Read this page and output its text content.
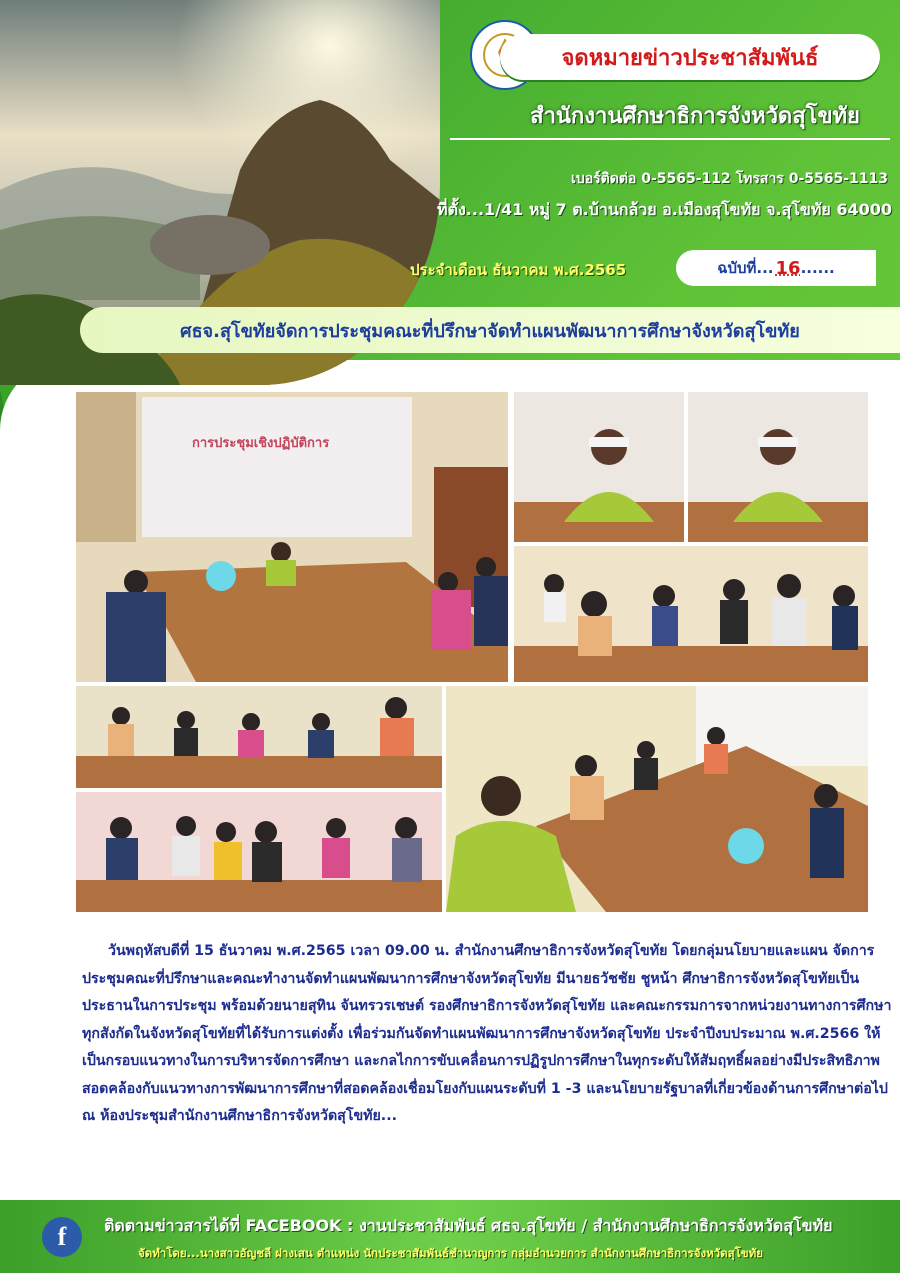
จดหมายข่าวประชาสัมพันธ์
สำนักงานศึกษาธิการจังหวัดสุโขทัย
เบอร์ติดต่อ 0-5565-112 โทรสาร 0-5565-1113
ที่ตั้ง...1/41 หมู่ 7 ต.บ้านกล้วย อ.เมืองสุโขทัย จ.สุโขทัย 64000
ประจำเดือน ธันวาคม พ.ศ.2565	ฉบับที่ ... 16 ......
ศธจ.สุโขทัยจัดการประชุมคณะที่ปรึกษาจัดทำแผนพัฒนาการศึกษาจังหวัดสุโขทัย
การประชุมเชิงปฏิบัติการ

วันพฤหัสบดีที่ 15 ธันวาคม พ.ศ.2565 เวลา 09.00 น. สำนักงานศึกษาธิการจังหวัดสุโขทัย โดยกลุ่มนโยบายและแผน จัดการประชุมคณะที่ปรึกษาและคณะทำงานจัดทำแผนพัฒนาการศึกษาจังหวัดสุโขทัย มีนายธวัชชัย ชูหน้า ศึกษาธิการจังหวัดสุโขทัยเป็นประธานในการประชุม พร้อมด้วยนายสุทิน จันทรวรเชษต์ รองศึกษาธิการจังหวัดสุโขทัย และคณะกรรมการจากหน่วยงานทางการศึกษาทุกสังกัดในจังหวัดสุโขทัยที่ได้รับการแต่งตั้ง เพื่อร่วมกันจัดทำแผนพัฒนาการศึกษาจังหวัดสุโขทัย ประจำปีงบประมาณ พ.ศ.2566 ให้เป็นกรอบแนวทางในการบริหารจัดการศึกษา และกลไกการขับเคลื่อนการปฏิรูปการศึกษาในทุกระดับให้สัมฤทธิ์ผลอย่างมีประสิทธิภาพ สอดคล้องกับแนวทางการพัฒนาการศึกษาที่สอดคล้องเชื่อมโยงกับแผนระดับที่ 1 -3 และนโยบายรัฐบาลที่เกี่ยวข้องด้านการศึกษาต่อไป ณ ห้องประชุมสำนักงานศึกษาธิการจังหวัดสุโขทัย...

f ติดตามข่าวสารได้ที่ FACEBOOK : งานประชาสัมพันธ์ ศธจ.สุโขทัย / สำนักงานศึกษาธิการจังหวัดสุโขทัย
จัดทำโดย...นางสาวอัญชลี ฝางเสน ตำแหน่ง นักประชาสัมพันธ์ชำนาญการ กลุ่มอำนวยการ สำนักงานศึกษาธิการจังหวัดสุโขทัย
